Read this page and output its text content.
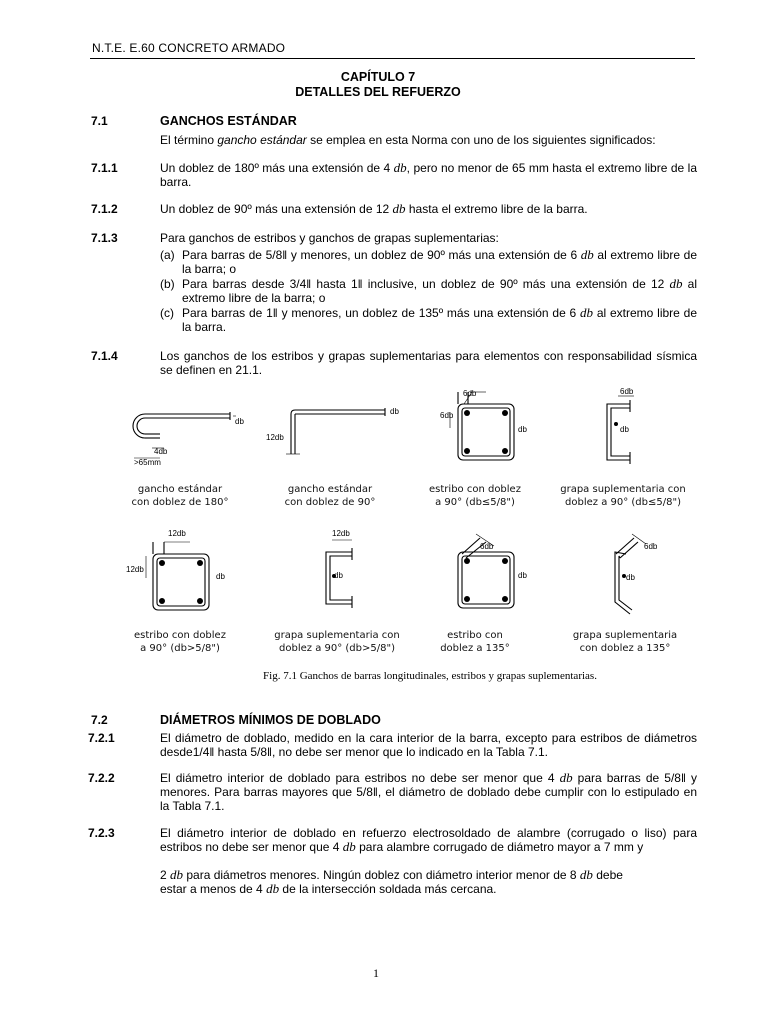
N.T.E. E.60 CONCRETO ARMADO
CAPÍTULO 7
DETALLES DEL REFUERZO
7.1	GANCHOS ESTÁNDAR
El término gancho estándar se emplea en esta Norma con uno de los siguientes significados:
7.1.1	Un doblez de 180º más una extensión de 4 db, pero no menor de 65 mm hasta el extremo libre de la barra.
7.1.2	Un doblez de 90º más una extensión de 12 db hasta el extremo libre de la barra.
7.1.3	Para ganchos de estribos y ganchos de grapas suplementarias:
(a) Para barras de 5/8‖ y menores, un doblez de 90º más una extensión de 6 db al extremo libre de la barra; o
(b) Para barras desde 3/4‖ hasta 1‖ inclusive, un doblez de 90º más una extensión de 12 db al extremo libre de la barra; o
(c) Para barras de 1‖ y menores, un doblez de 135º más una extensión de 6 db al extremo libre de la barra.
7.1.4	Los ganchos de los estribos y grapas suplementarias para elementos con responsabilidad sísmica se definen en 21.1.
db
4db
>65mm
db
12db
6db
6db
db
6db
db
12db
12db
db
12db
db
6db
db
6db
db
gancho estándar
con doblez de 180°
gancho estándar
con doblez de 90°
estribo con doblez
a 90° (db≤5/8")
grapa suplementaria con
doblez a 90° (db≤5/8")
estribo con doblez
a 90° (db>5/8")
grapa suplementaria con
doblez a 90° (db>5/8")
estribo con
doblez a 135°
grapa suplementaria
con doblez a 135°
Fig. 7.1 Ganchos de barras longitudinales, estribos y grapas suplementarias.
7.2	DIÁMETROS MÍNIMOS DE DOBLADO
7.2.1	El diámetro de doblado, medido en la cara interior de la barra, excepto para estribos de diámetros desde1/4‖ hasta 5/8‖, no debe ser menor que lo indicado en la Tabla 7.1.
7.2.2	El diámetro interior de doblado para estribos no debe ser menor que 4 db para barras de 5/8‖ y menores. Para barras mayores que 5/8‖, el diámetro de doblado debe cumplir con lo estipulado en la Tabla 7.1.
7.2.3	El diámetro interior de doblado en refuerzo electrosoldado de alambre (corrugado o liso) para estribos no debe ser menor que 4 db para alambre corrugado de diámetro mayor a 7 mm y
2 db para diámetros menores. Ningún doblez con diámetro interior menor de 8 db debe
estar a menos de 4 db de la intersección soldada más cercana.
1
